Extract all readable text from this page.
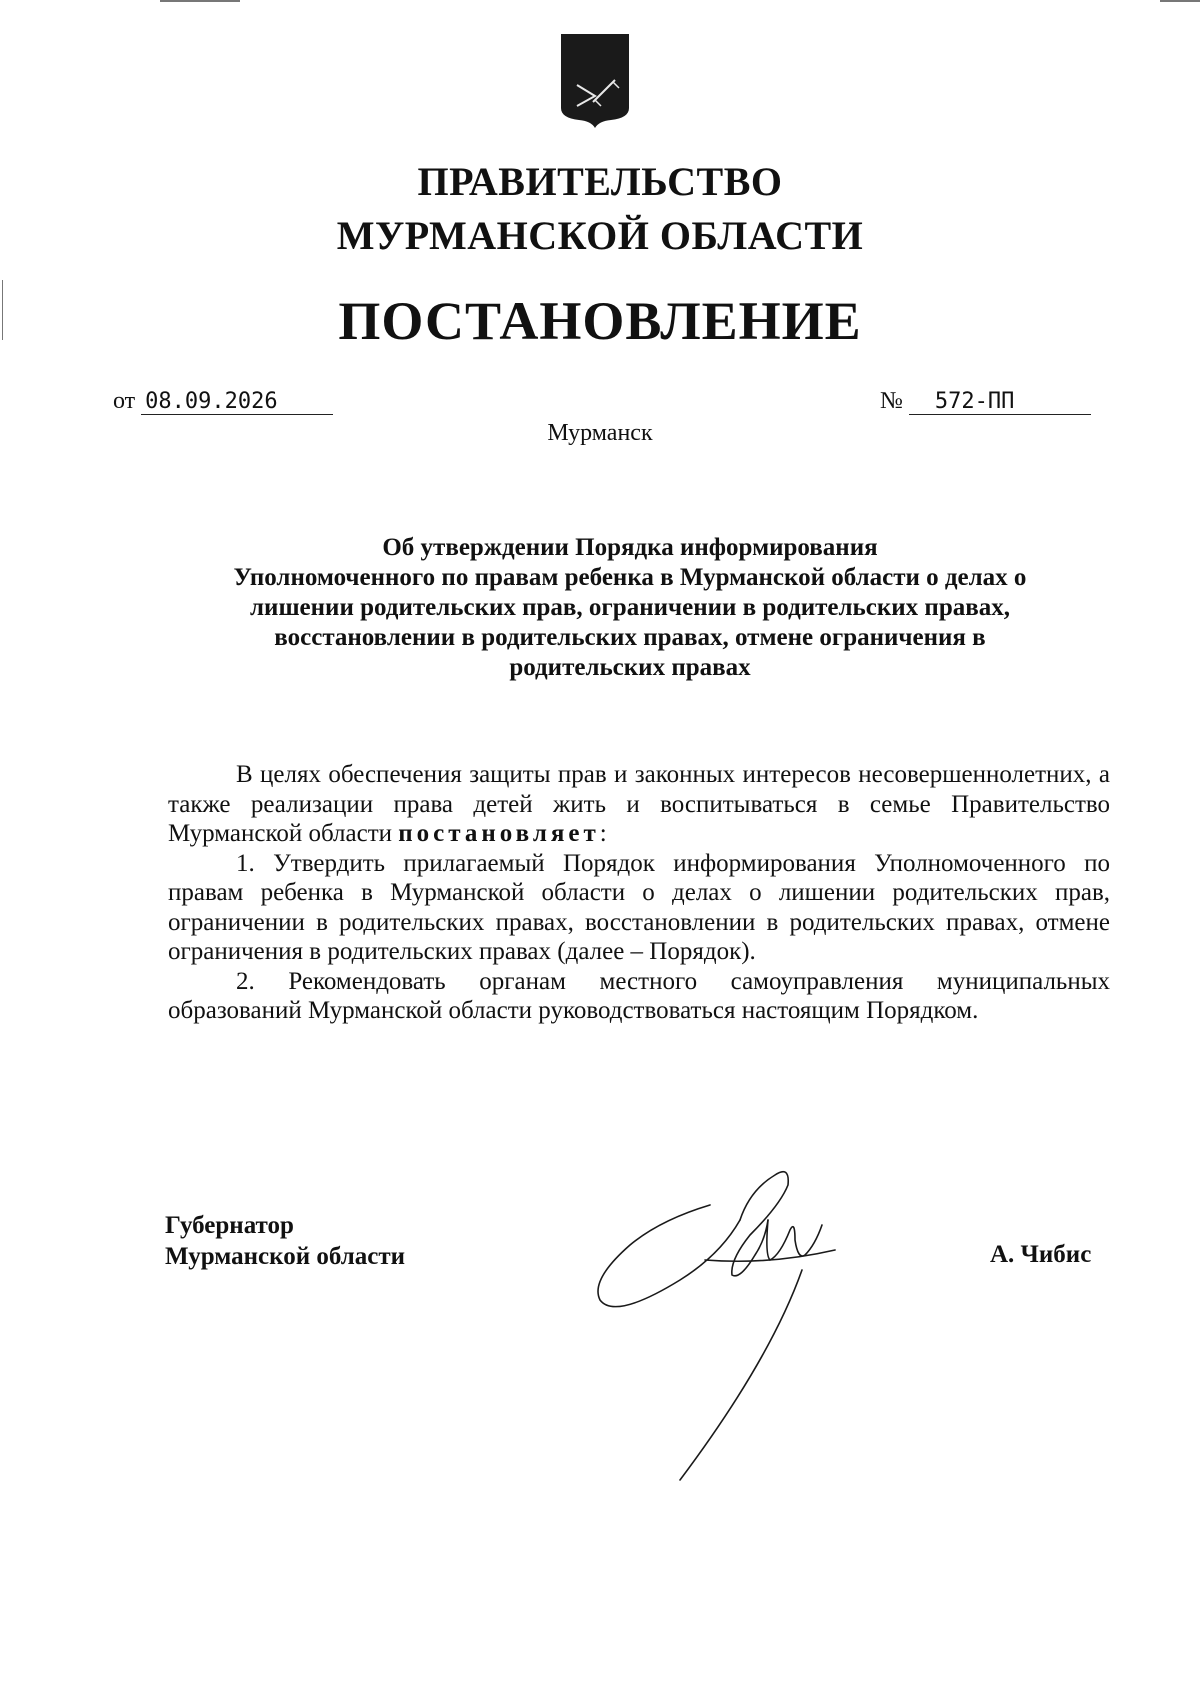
ПРАВИТЕЛЬСТВО
МУРМАНСКОЙ ОБЛАСТИ
ПОСТАНОВЛЕНИЕ
от 08.09.2026	№ 572-ПП
Мурманск
Об утверждении Порядка информирования
Уполномоченного по правам ребенка в Мурманской области о делах о
лишении родительских прав, ограничении в родительских правах,
восстановлении в родительских правах, отмене ограничения в
родительских правах

В целях обеспечения защиты прав и законных интересов несовершеннолетних, а также реализации права детей жить и воспитываться в семье Правительство Мурманской области постановляет:

1. Утвердить прилагаемый Порядок информирования Уполномоченного по правам ребенка в Мурманской области о делах о лишении родительских прав, ограничении в родительских правах, восстановлении в родительских правах, отмене ограничения в родительских правах (далее – Порядок).

2. Рекомендовать органам местного самоуправления муниципальных образований Мурманской области руководствоваться настоящим Порядком.

Губернатор
Мурманской области	А. Чибис
